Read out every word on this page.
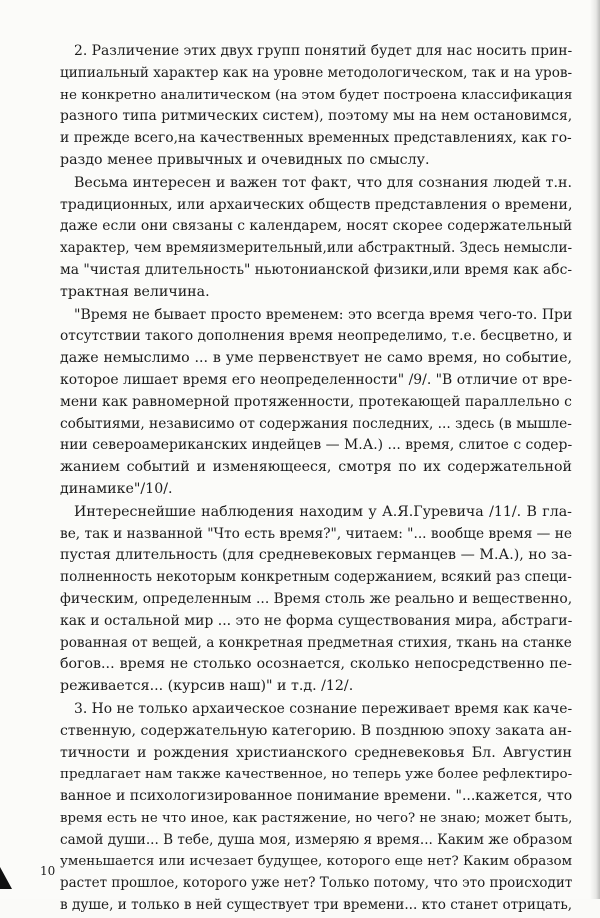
2. Различение этих двух групп понятий будет для нас носить прин-
ципиальный характер как на уровне методологическом, так и на уров-
не конкретно аналитическом (на этом будет построена классификация
разного типа ритмических систем), поэтому мы на нем остановимся,
и прежде всего,на качественных временных представлениях, как го-
раздо менее привычных и очевидных по смыслу.
Весьма интересен и важен тот факт, что для сознания людей т.н.
традиционных, или архаических обществ представления о времени,
даже если они связаны с календарем, носят скорее содержательный
характер, чем времяизмерительный,или абстрактный. Здесь немысли-
ма "чистая длительность" ньютонианской физики,или время как абс-
трактная величина.
"Время не бывает просто временем: это всегда время чего-то. При
отсутствии такого дополнения время неопределимо, т.е. бесцветно, и
даже немыслимо ... в уме первенствует не само время, но событие,
которое лишает время его неопределенности" /9/. "В отличие от вре-
мени как равномерной протяженности, протекающей параллельно с
событиями, независимо от содержания последних, ... здесь (в мышле-
нии североамериканских индейцев — М.А.) ... время, слитое с содер-
жанием событий и изменяющееся, смотря по их содержательной
динамике"/10/.
Интереснейшие наблюдения находим у А.Я.Гуревича /11/. В гла-
ве, так и названной "Что есть время?", читаем: "... вообще время — не
пустая длительность (для средневековых германцев — М.А.), но за-
полненность некоторым конкретным содержанием, всякий раз специ-
фическим, определенным ... Время столь же реально и вещественно,
как и остальной мир ... это не форма существования мира, абстраги-
рованная от вещей, а конкретная предметная стихия, ткань на станке
богов... время не столько осознается, сколько непосредственно пе-
реживается... (курсив наш)" и т.д. /12/.
3. Но не только архаическое сознание переживает время как каче-
ственную, содержательную категорию. В позднюю эпоху заката ан-
тичности и рождения христианского средневековья Бл. Августин
предлагает нам также качественное, но теперь уже более рефлектиро-
ванное и психологизированное понимание времени. "...кажется, что
время есть не что иное, как растяжение, но чего? не знаю; может быть,
самой души... В тебе, душа моя, измеряю я время... Каким же образом
уменьшается или исчезает будущее, которого еще нет? Каким образом
растет прошлое, которого уже нет? Только потому, что это происходит
в душе, и только в ней существует три времени... кто станет отрицать,
10
